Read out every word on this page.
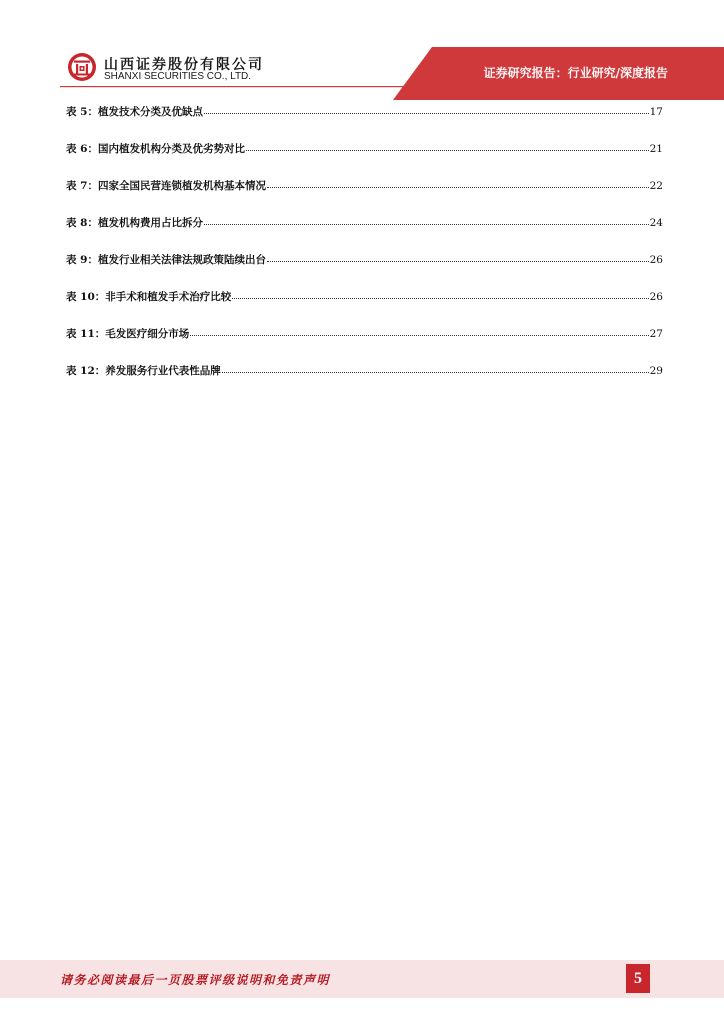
山西证券股份有限公司
SHANXI SECURITIES CO., LTD.	证券研究报告：行业研究/深度报告
表 5：植发技术分类及优缺点	17
表 6：国内植发机构分类及优劣势对比	21
表 7：四家全国民营连锁植发机构基本情况	22
表 8：植发机构费用占比拆分	24
表 9：植发行业相关法律法规政策陆续出台	26
表 10：非手术和植发手术治疗比较	26
表 11：毛发医疗细分市场	27
表 12：养发服务行业代表性品牌	29
请务必阅读最后一页股票评级说明和免责声明	5
